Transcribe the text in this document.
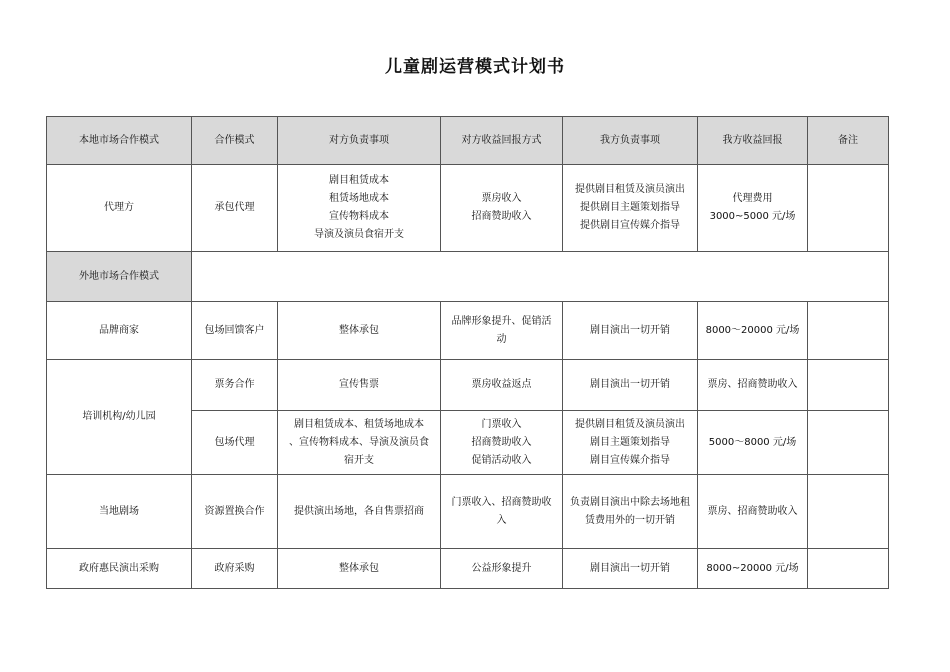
儿童剧运营模式计划书
本地市场合作模式	合作模式	对方负责事项	对方收益回报方式	我方负责事项	我方收益回报	备注
代理方	承包代理	剧目租赁成本
租赁场地成本
宣传物料成本
导演及演员食宿开支	票房收入
招商赞助收入	提供剧目租赁及演员演出
提供剧目主题策划指导
提供剧目宣传媒介指导	代理费用
3000~5000 元/场	

外地市场合作模式						
品牌商家	包场回馈客户	整体承包	品牌形象提升、促销活
动	剧目演出一切开销	8000～20000 元/场	

培训机构/幼儿园	票务合作	宣传售票	票房收益返点	剧目演出一切开销	票房、招商赞助收入	

	包场代理	剧目租赁成本、租赁场地成本
、宣传物料成本、导演及演员食
宿开支	门票收入
招商赞助收入
促销活动收入	提供剧目租赁及演员演出
剧目主题策划指导
剧目宣传媒介指导	5000～8000 元/场	

当地剧场	资源置换合作	提供演出场地，各自售票招商	门票收入、招商赞助收
入	负责剧目演出中除去场地租
赁费用外的一切开销	票房、招商赞助收入	

政府惠民演出采购	政府采购	整体承包	公益形象提升	剧目演出一切开销	8000~20000 元/场	
